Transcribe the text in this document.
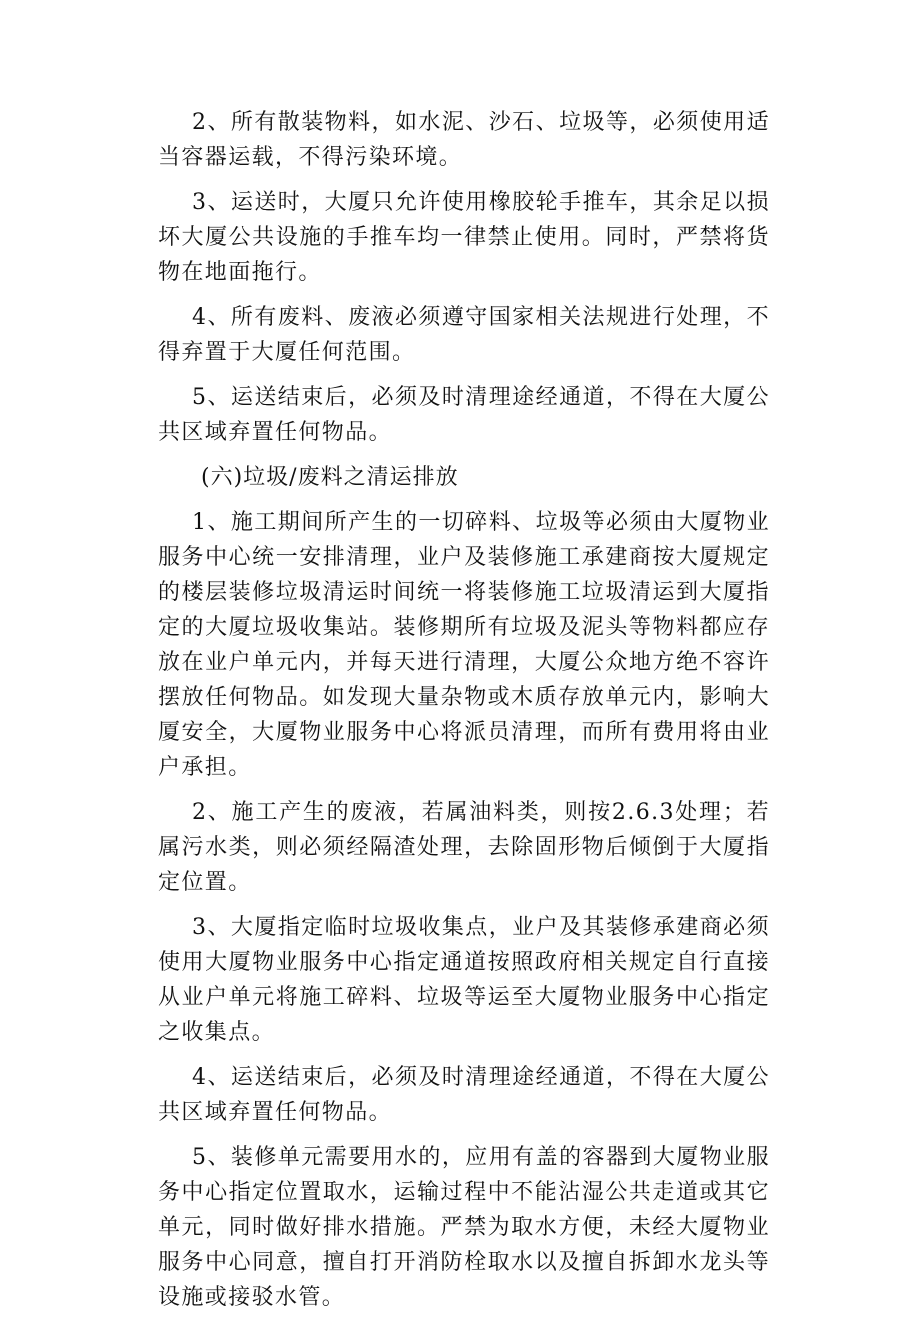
2、所有散装物料，如水泥、沙石、垃圾等，必须使用适当容器运载，不得污染环境。

3、运送时，大厦只允许使用橡胶轮手推车，其余足以损坏大厦公共设施的手推车均一律禁止使用。同时，严禁将货物在地面拖行。

4、所有废料、废液必须遵守国家相关法规进行处理，不得弃置于大厦任何范围。

5、运送结束后，必须及时清理途经通道，不得在大厦公共区域弃置任何物品。

(六)垃圾/废料之清运排放

1、施工期间所产生的一切碎料、垃圾等必须由大厦物业服务中心统一安排清理，业户及装修施工承建商按大厦规定的楼层装修垃圾清运时间统一将装修施工垃圾清运到大厦指定的大厦垃圾收集站。装修期所有垃圾及泥头等物料都应存放在业户单元内，并每天进行清理，大厦公众地方绝不容许摆放任何物品。如发现大量杂物或木质存放单元内，影响大厦安全，大厦物业服务中心将派员清理，而所有费用将由业户承担。

2、施工产生的废液，若属油料类，则按2.6.3处理；若属污水类，则必须经隔渣处理，去除固形物后倾倒于大厦指定位置。

3、大厦指定临时垃圾收集点，业户及其装修承建商必须使用大厦物业服务中心指定通道按照政府相关规定自行直接从业户单元将施工碎料、垃圾等运至大厦物业服务中心指定之收集点。

4、运送结束后，必须及时清理途经通道，不得在大厦公共区域弃置任何物品。

5、装修单元需要用水的，应用有盖的容器到大厦物业服务中心指定位置取水，运输过程中不能沾湿公共走道或其它单元，同时做好排水措施。严禁为取水方便，未经大厦物业服务中心同意，擅自打开消防栓取水以及擅自拆卸水龙头等设施或接驳水管。
